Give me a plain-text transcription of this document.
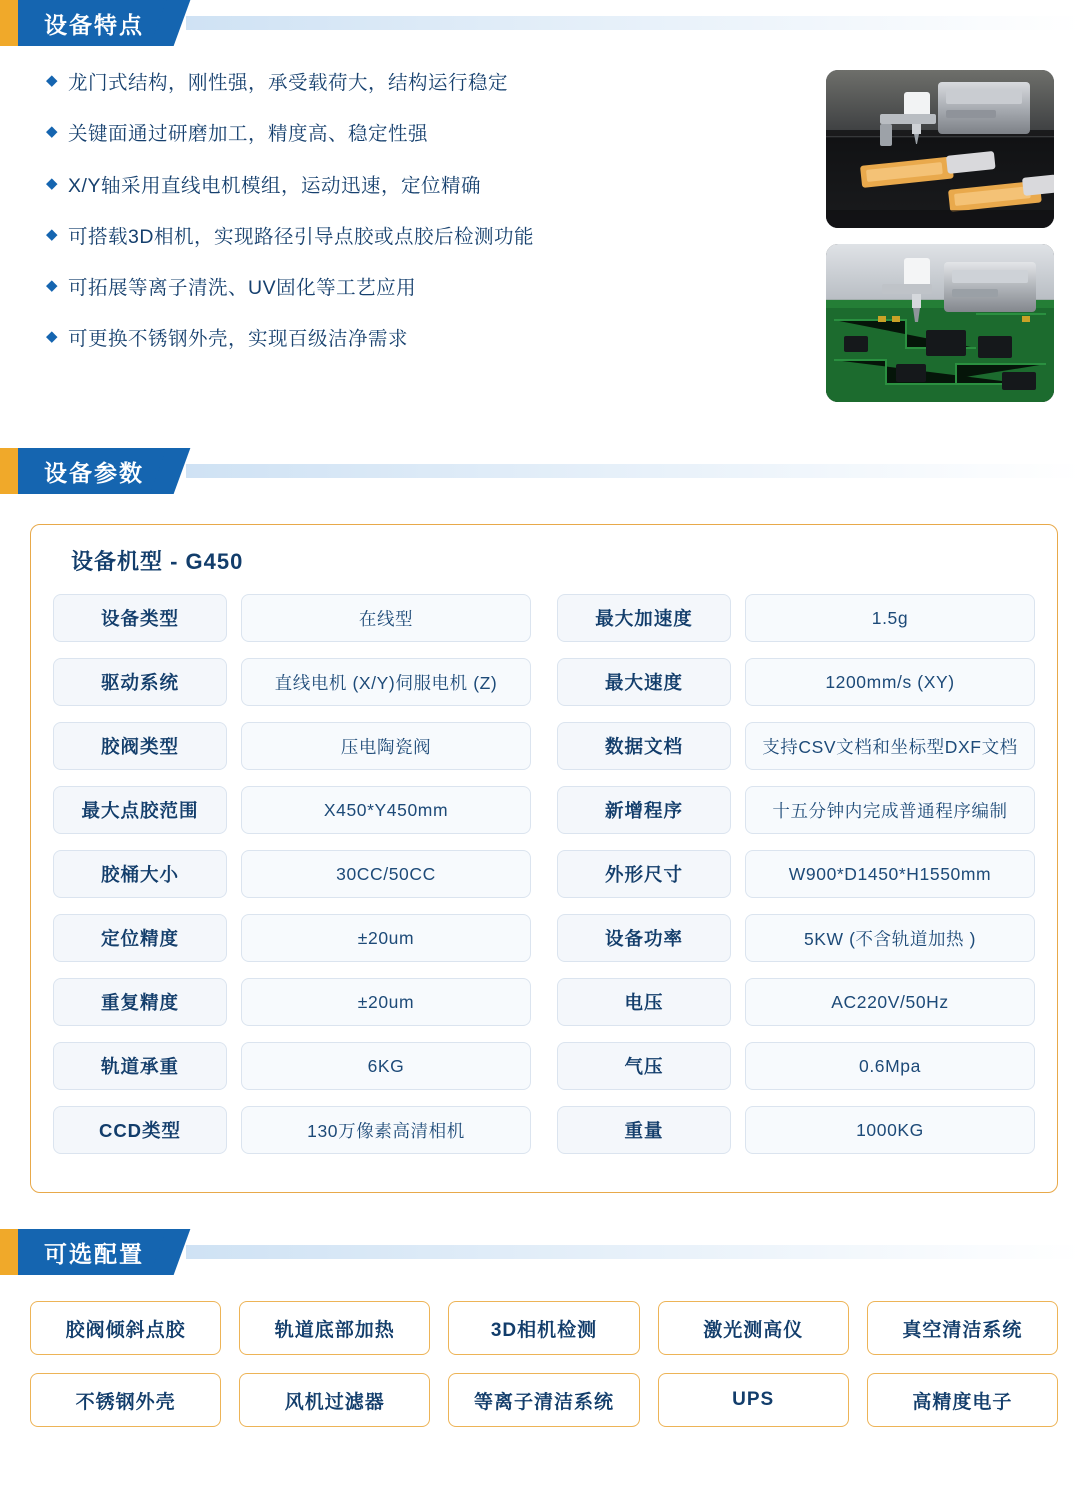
设备特点
◆ 龙门式结构，刚性强，承受载荷大，结构运行稳定
◆ 关键面通过研磨加工，精度高、稳定性强
◆ X/Y轴采用直线电机模组，运动迅速，定位精确
◆ 可搭载3D相机，实现路径引导点胶或点胶后检测功能
◆ 可拓展等离子清洗、UV固化等工艺应用
◆ 可更换不锈钢外壳，实现百级洁净需求
设备参数
设备机型 - G450
设备类型	在线型	最大加速度	1.5g
驱动系统	直线电机 (X/Y)伺服电机 (Z)	最大速度	1200mm/s (XY)
胶阀类型	压电陶瓷阀	数据文档	支持CSV文档和坐标型DXF文档
最大点胶范围	X450*Y450mm	新增程序	十五分钟内完成普通程序编制
胶桶大小	30CC/50CC	外形尺寸	W900*D1450*H1550mm
定位精度	±20um	设备功率	5KW (不含轨道加热 )
重复精度	±20um	电压	AC220V/50Hz
轨道承重	6KG	气压	0.6Mpa
CCD类型	130万像素高清相机	重量	1000KG
可选配置
胶阀倾斜点胶	轨道底部加热	3D相机检测	激光测高仪	真空清洁系统
不锈钢外壳	风机过滤器	等离子清洁系统	UPS	高精度电子
